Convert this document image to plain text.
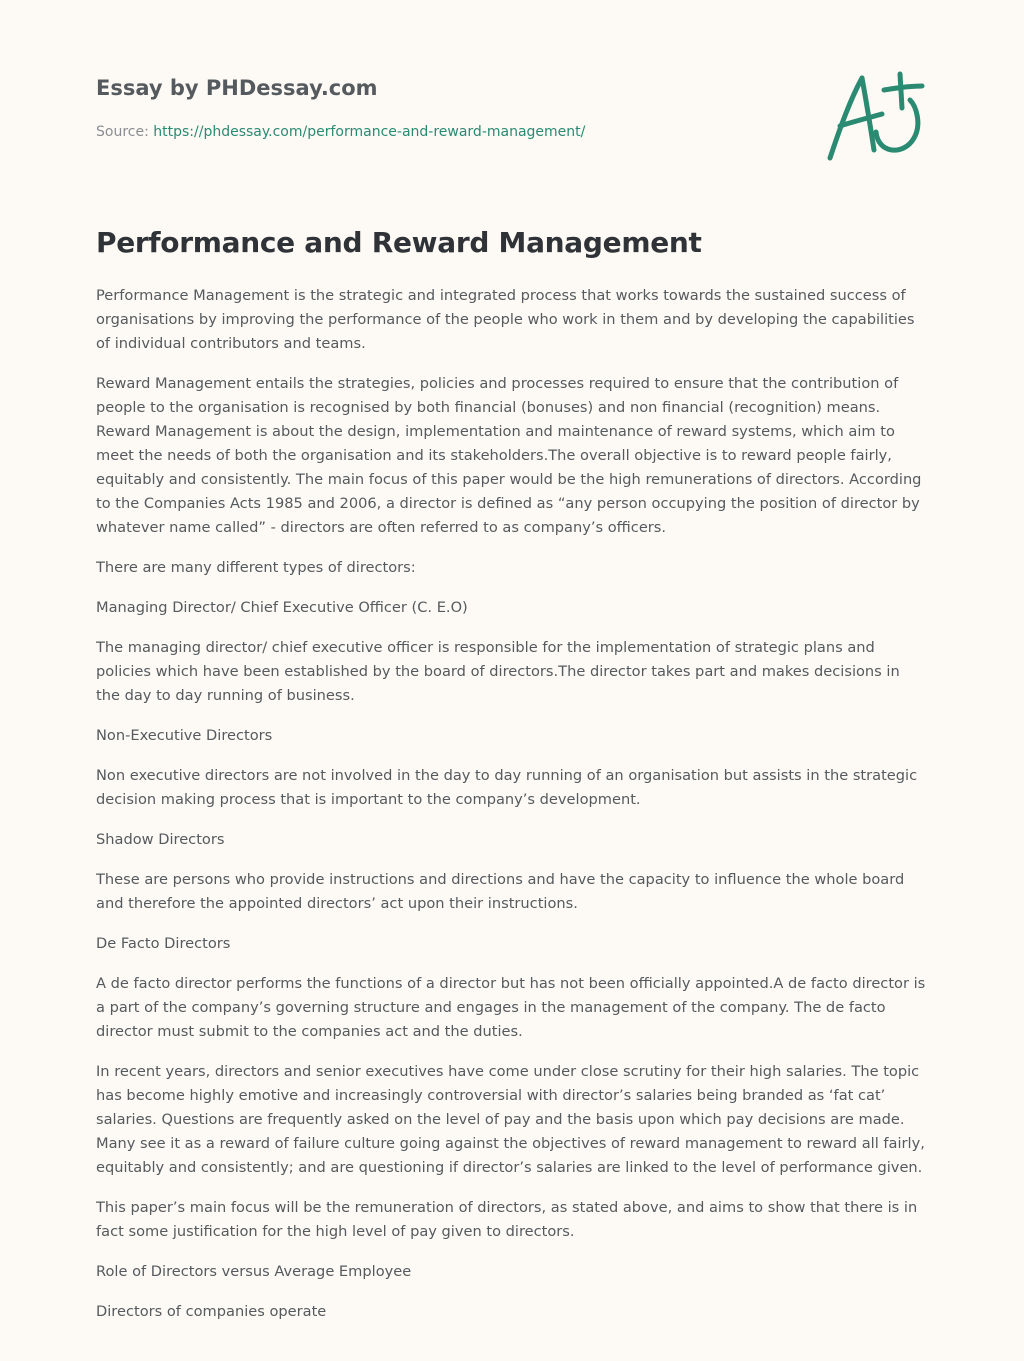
Essay by PHDessay.com
Source: https://phdessay.com/performance-and-reward-management/
Performance and Reward Management

Performance Management is the strategic and integrated process that works towards the sustained success of organisations by improving the performance of the people who work in them and by developing the capabilities of individual contributors and teams.

Reward Management entails the strategies, policies and processes required to ensure that the contribution of people to the organisation is recognised by both financial (bonuses) and non financial (recognition) means. Reward Management is about the design, implementation and maintenance of reward systems, which aim to meet the needs of both the organisation and its stakeholders.The overall objective is to reward people fairly, equitably and consistently. The main focus of this paper would be the high remunerations of directors. According to the Companies Acts 1985 and 2006, a director is defined as “any person occupying the position of director by whatever name called” - directors are often referred to as company’s officers.

There are many different types of directors:

Managing Director/ Chief Executive Officer (C. E.O)

The managing director/ chief executive officer is responsible for the implementation of strategic plans and policies which have been established by the board of directors.The director takes part and makes decisions in the day to day running of business.

Non-Executive Directors

Non executive directors are not involved in the day to day running of an organisation but assists in the strategic decision making process that is important to the company’s development.

Shadow Directors

These are persons who provide instructions and directions and have the capacity to influence the whole board and therefore the appointed directors’ act upon their instructions.

De Facto Directors

A de facto director performs the functions of a director but has not been officially appointed.A de facto director is a part of the company’s governing structure and engages in the management of the company. The de facto director must submit to the companies act and the duties.

In recent years, directors and senior executives have come under close scrutiny for their high salaries. The topic has become highly emotive and increasingly controversial with director’s salaries being branded as ‘fat cat’ salaries. Questions are frequently asked on the level of pay and the basis upon which pay decisions are made. Many see it as a reward of failure culture going against the objectives of reward management to reward all fairly, equitably and consistently; and are questioning if director’s salaries are linked to the level of performance given.

This paper’s main focus will be the remuneration of directors, as stated above, and aims to show that there is in fact some justification for the high level of pay given to directors.

Role of Directors versus Average Employee

Directors of companies operate
